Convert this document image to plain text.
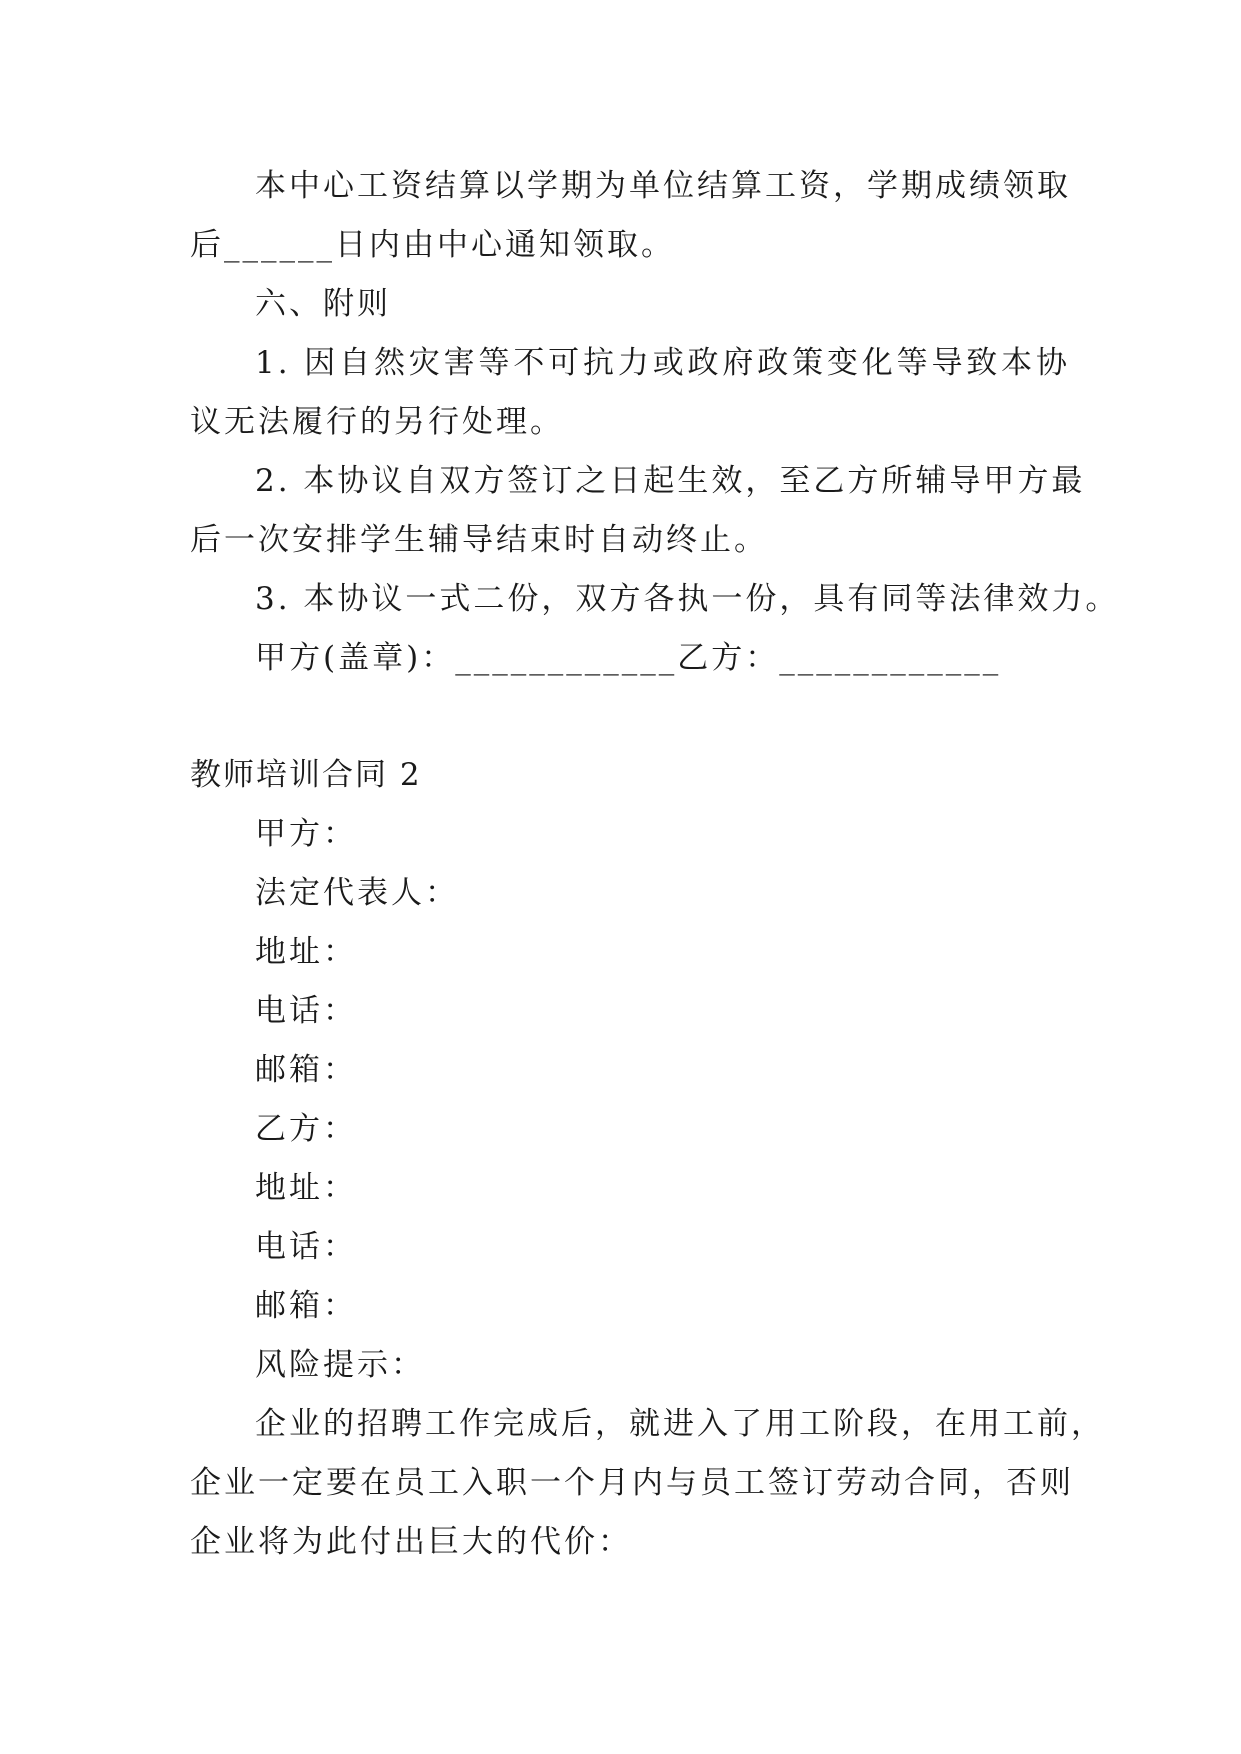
本中心工资结算以学期为单位结算工资，学期成绩领取
后______日内由中心通知领取。
六、附则
1. 因自然灾害等不可抗力或政府政策变化等导致本协
议无法履行的另行处理。
2. 本协议自双方签订之日起生效，至乙方所辅导甲方最
后一次安排学生辅导结束时自动终止。
3. 本协议一式二份，双方各执一份，具有同等法律效力。
甲方(盖章)：____________乙方：____________
教师培训合同 2
甲方：
法定代表人：
地址：
电话：
邮箱：
乙方：
地址：
电话：
邮箱：
风险提示：
企业的招聘工作完成后，就进入了用工阶段，在用工前，
企业一定要在员工入职一个月内与员工签订劳动合同，否则
企业将为此付出巨大的代价：
